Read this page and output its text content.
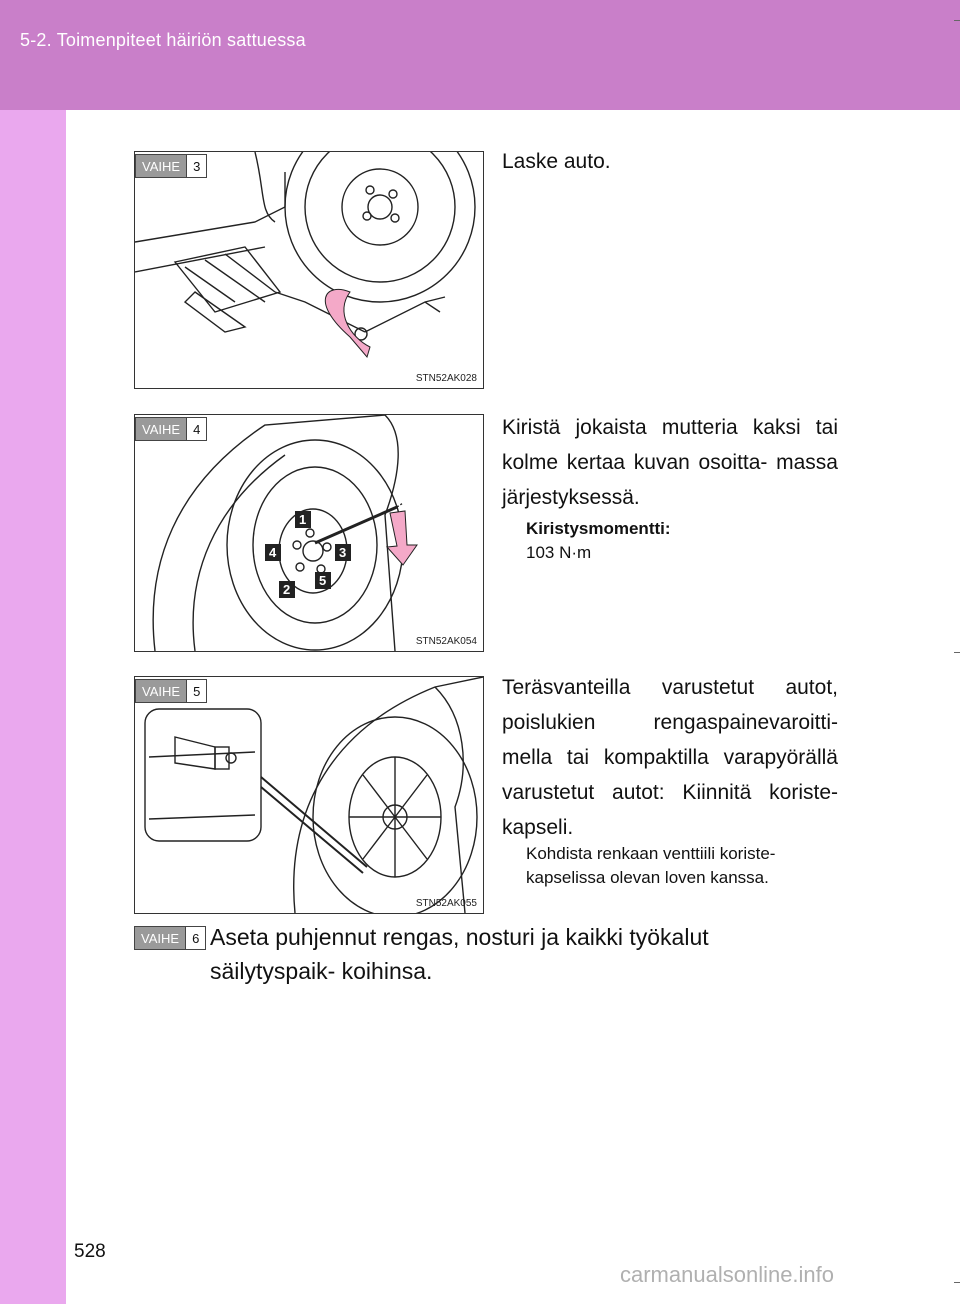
5-2. Toimenpiteet häiriön sattuessa
STN52AK028
VAIHE	3	Laske auto.
1
2
3
4
5
STN52AK054
VAIHE	4	Kiristä jokaista mutteria kaksi tai kolme kertaa kuvan osoitta- massa järjestyksessä.
Kiristysmomentti:
103 N·m
STN52AK055
VAIHE	5	Teräsvanteilla varustetut autot, poislukien rengaspainevaroitti- mella tai kompaktilla varapyörällä varustetut autot: Kiinnitä koriste- kapseli.
Kohdista renkaan venttiili koriste- kapselissa olevan loven kanssa.
VAIHE	6 Aseta puhjennut rengas, nosturi ja kaikki työkalut säilytyspaik- koihinsa.
528
carmanualsonline.info
